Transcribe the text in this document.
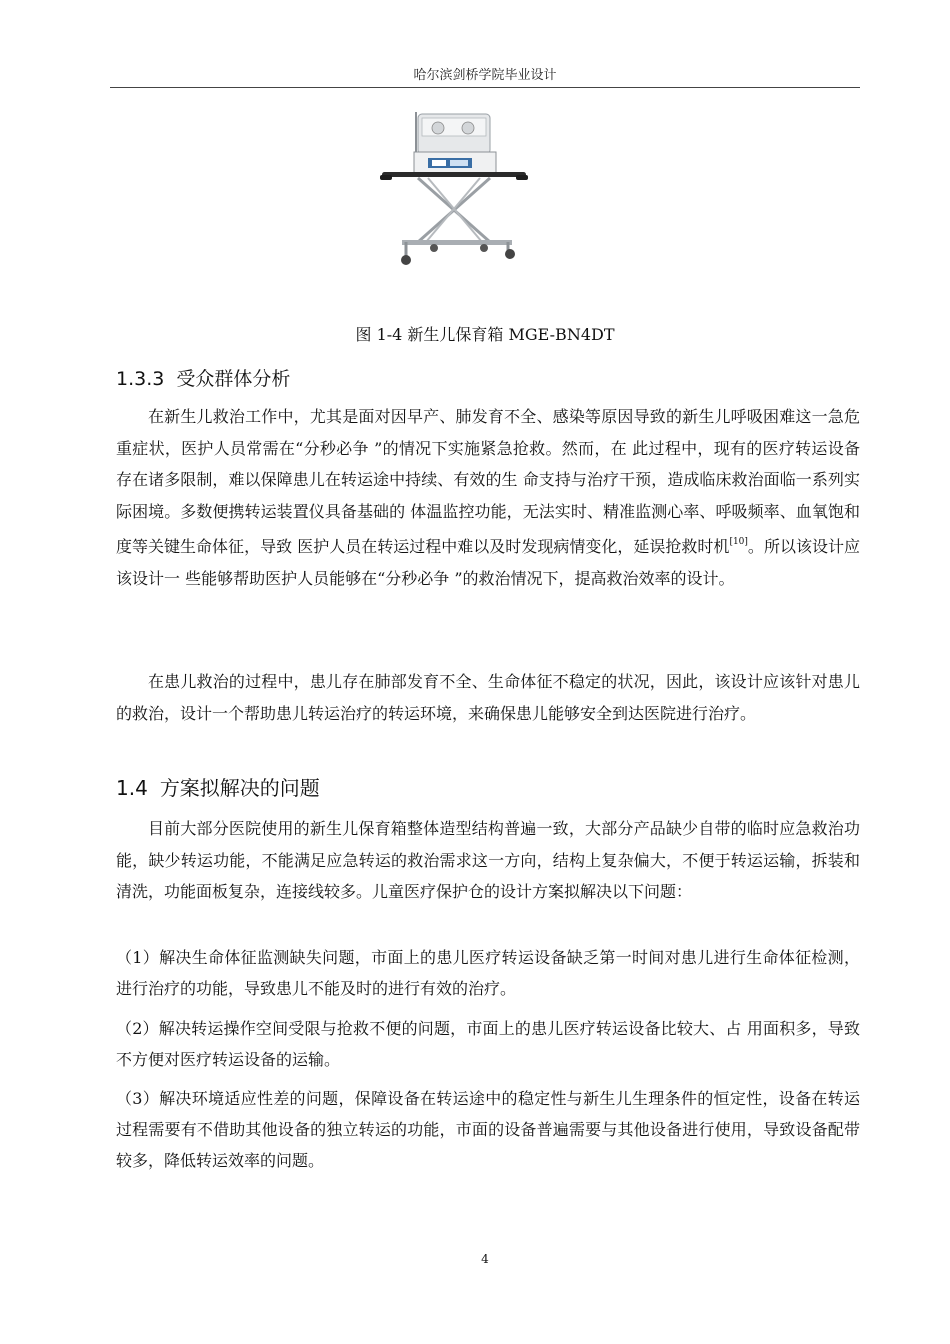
哈尔滨剑桥学院毕业设计
图 1-4 新生儿保育箱 MGE-BN4DT
1.3.3 受众群体分析
在新生儿救治工作中，尤其是面对因早产、肺发育不全、感染等原因导致的新生儿呼吸困难这一急危重症状，医护人员常需在“分秒必争 ”的情况下实施紧急抢救。然而，在 此过程中，现有的医疗转运设备存在诸多限制，难以保障患儿在转运途中持续、有效的生 命支持与治疗干预，造成临床救治面临一系列实际困境。多数便携转运装置仪具备基础的 体温监控功能，无法实时、精准监测心率、呼吸频率、血氧饱和度等关键生命体征，导致 医护人员在转运过程中难以及时发现病情变化，延误抢救时机[10]。所以该设计应该设计一 些能够帮助医护人员能够在“分秒必争 ”的救治情况下，提高救治效率的设计。
在患儿救治的过程中，患儿存在肺部发育不全、生命体征不稳定的状况，因此，该设计应该针对患儿的救治，设计一个帮助患儿转运治疗的转运环境，来确保患儿能够安全到达医院进行治疗。
1.4 方案拟解决的问题
目前大部分医院使用的新生儿保育箱整体造型结构普遍一致，大部分产品缺少自带的临时应急救治功能，缺少转运功能，不能满足应急转运的救治需求这一方向，结构上复杂偏大，不便于转运运输，拆装和清洗，功能面板复杂，连接线较多。儿童医疗保护仓的设计方案拟解决以下问题：
（1）解决生命体征监测缺失问题，市面上的患儿医疗转运设备缺乏第一时间对患儿进行生命体征检测，进行治疗的功能，导致患儿不能及时的进行有效的治疗。
（2）解决转运操作空间受限与抢救不便的问题，市面上的患儿医疗转运设备比较大、占 用面积多，导致不方便对医疗转运设备的运输。
（3）解决环境适应性差的问题，保障设备在转运途中的稳定性与新生儿生理条件的恒定性，设备在转运过程需要有不借助其他设备的独立转运的功能，市面的设备普遍需要与其他设备进行使用，导致设备配带较多，降低转运效率的问题。
4
